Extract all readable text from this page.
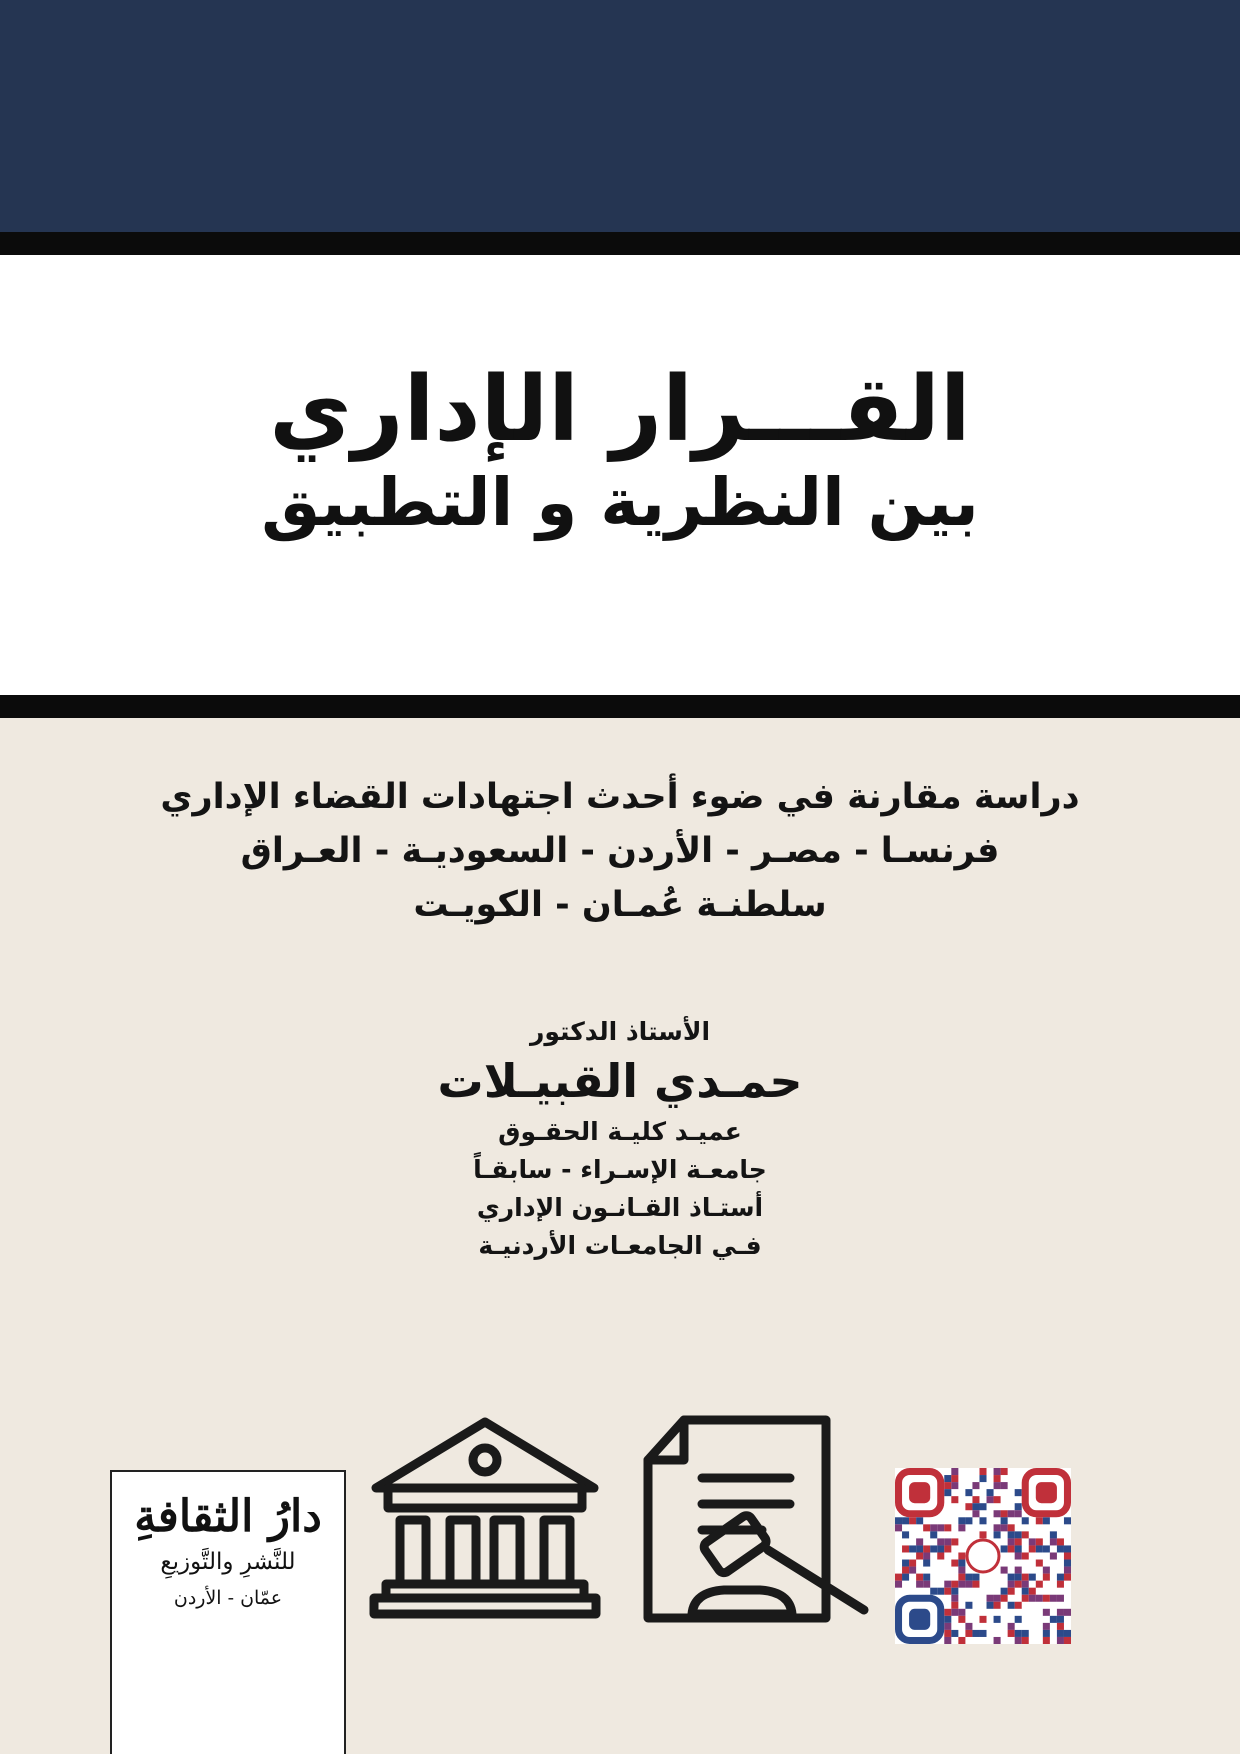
القـــرار الإداري
بين النظرية و التطبيق
دراسة مقارنة في ضوء أحدث اجتهادات القضاء الإداري
فرنسـا - مصـر - الأردن - السعوديـة - العـراق
سلطنـة عُمـان - الكويـت
الأستاذ الدكتور
حمـدي القبيـلات
عميـد كليـة الحقـوق
جامعـة الإسـراء - سابقـاً
أستـاذ القـانـون الإداري
فـي الجامعـات الأردنيـة
دارُ الثقافةِ
للنَّشرِ والتَّوزيعِ
عمّان - الأردن
